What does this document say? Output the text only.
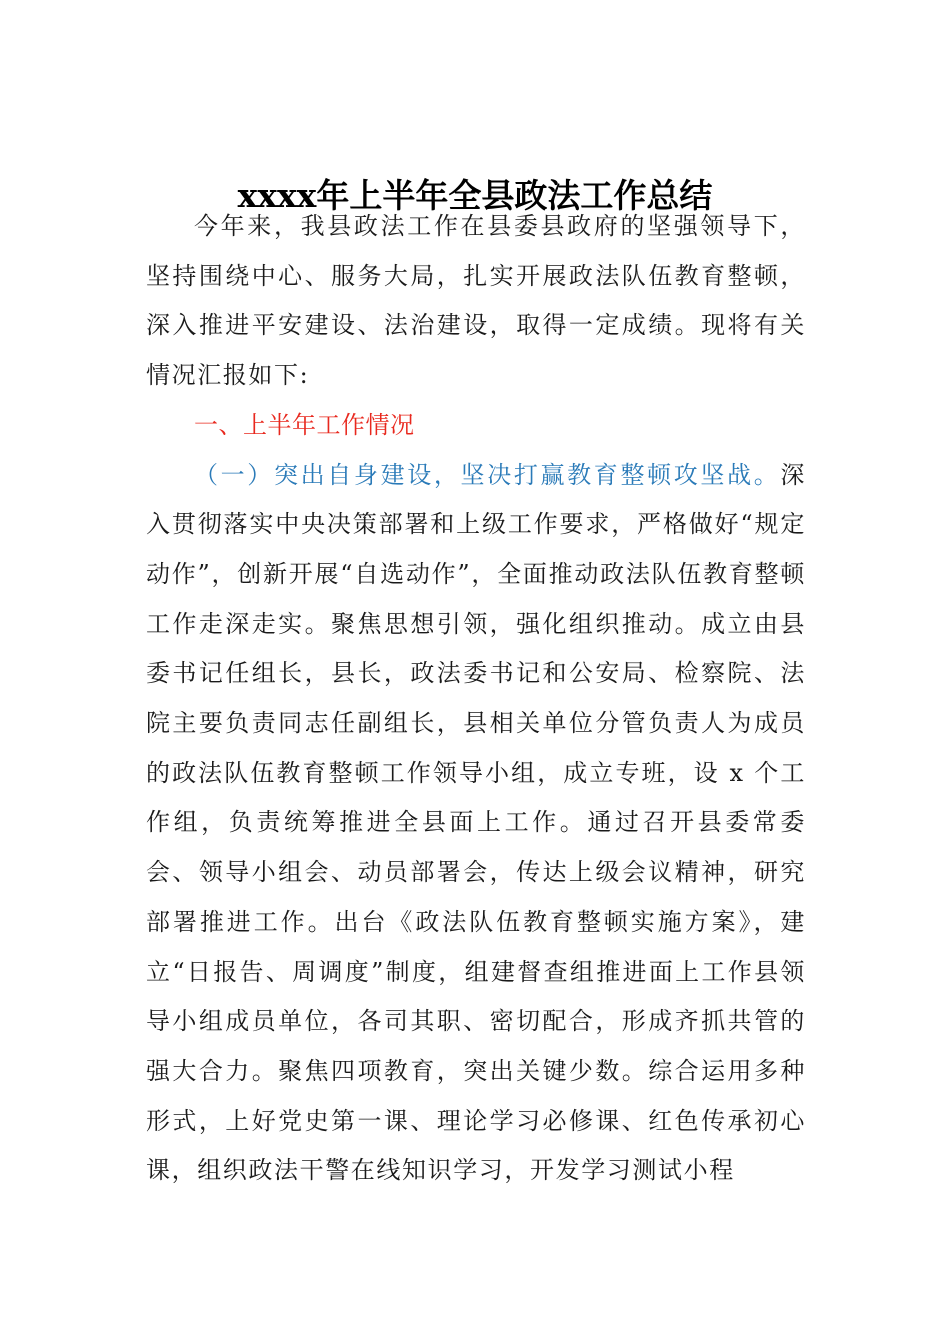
xxxx年上半年全县政法工作总结

今年来，我县政法工作在县委县政府的坚强领导下，坚持围绕中心、服务大局，扎实开展政法队伍教育整顿，深入推进平安建设、法治建设，取得一定成绩。现将有关情况汇报如下:

一、上半年工作情况

（一）突出自身建设，坚决打赢教育整顿攻坚战。深入贯彻落实中央决策部署和上级工作要求，严格做好“规定动作”，创新开展“自选动作”，全面推动政法队伍教育整顿工作走深走实。聚焦思想引领，强化组织推动。成立由县委书记任组长，县长，政法委书记和公安局、检察院、法院主要负责同志任副组长，县相关单位分管负责人为成员的政法队伍教育整顿工作领导小组，成立专班，设 x 个工作组，负责统筹推进全县面上工作。通过召开县委常委会、领导小组会、动员部署会，传达上级会议精神，研究部署推进工作。出台《政法队伍教育整顿实施方案》，建立“日报告、周调度”制度，组建督查组推进面上工作县领导小组成员单位，各司其职、密切配合，形成齐抓共管的强大合力。聚焦四项教育，突出关键少数。综合运用多种形式，上好党史第一课、理论学习必修课、红色传承初心课，组织政法干警在线知识学习，开发学习测试小程
